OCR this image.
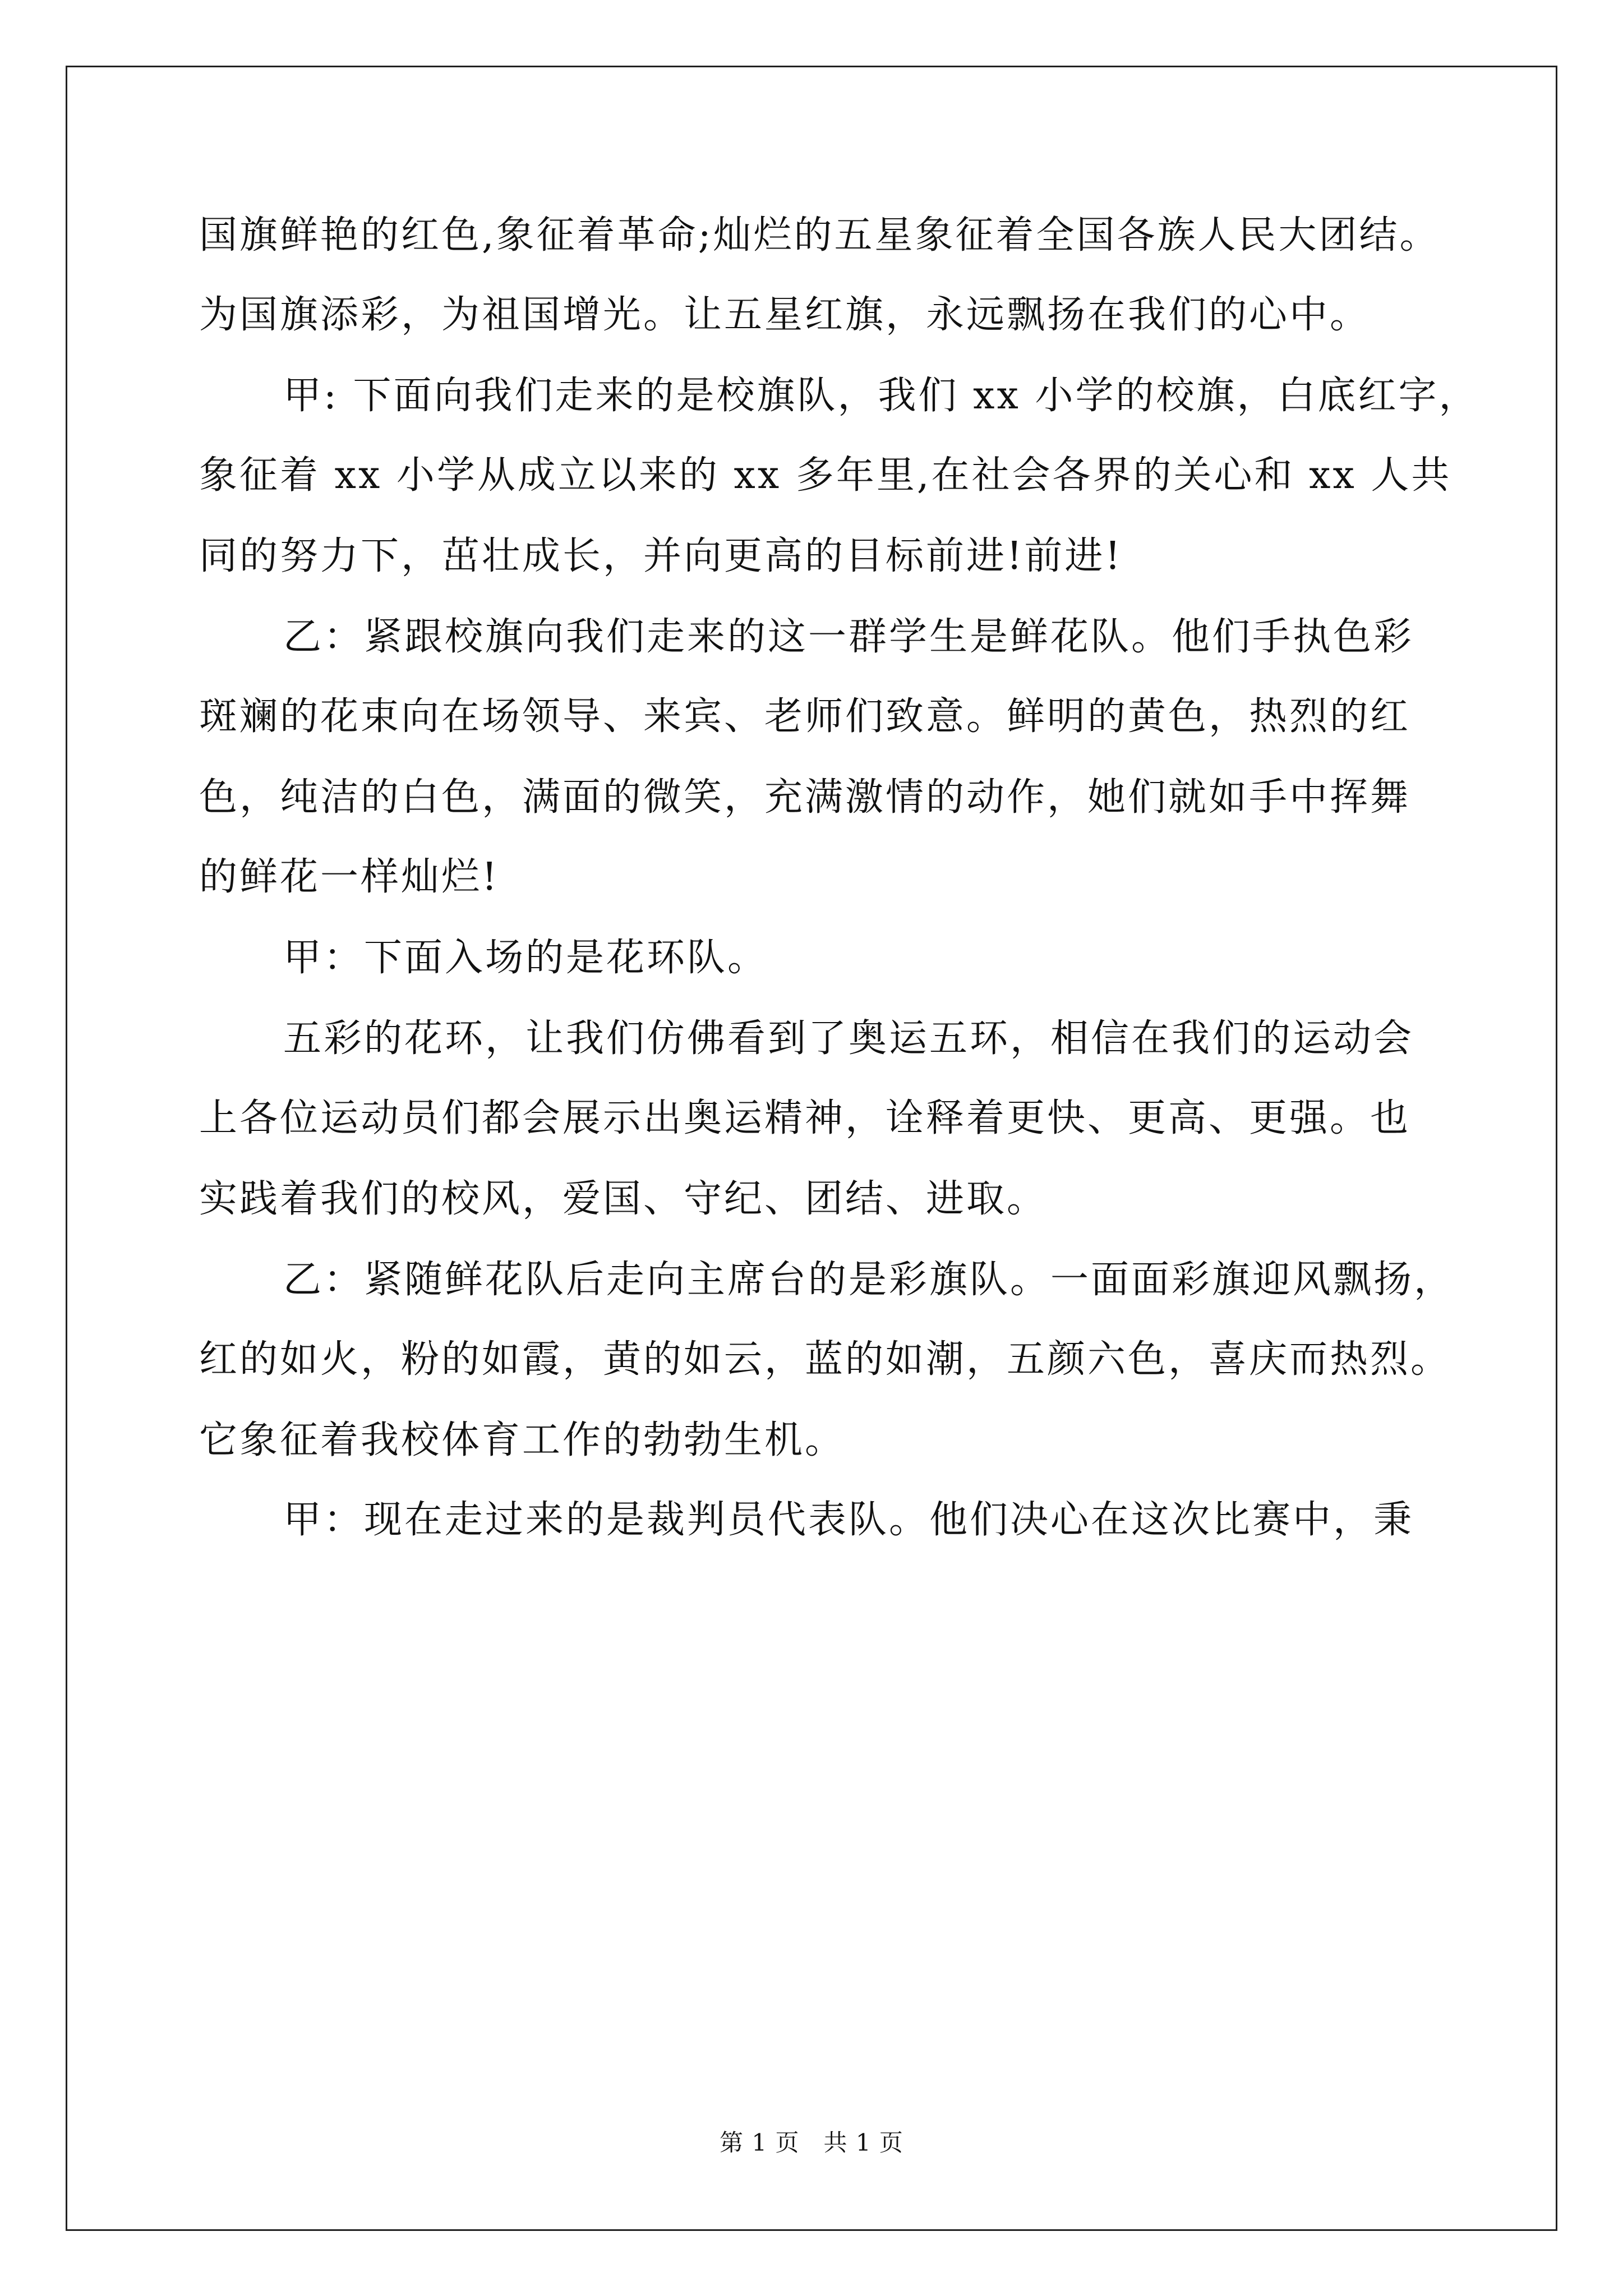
国旗鲜艳的红色,象征着革命;灿烂的五星象征着全国各族人民大团结。
为国旗添彩，为祖国增光。让五星红旗，永远飘扬在我们的心中。
甲: 下面向我们走来的是校旗队，我们 xx 小学的校旗，白底红字，
象征着 xx 小学从成立以来的 xx 多年里,在社会各界的关心和 xx 人共
同的努力下，茁壮成长，并向更高的目标前进!前进!
乙：紧跟校旗向我们走来的这一群学生是鲜花队。他们手执色彩
斑斓的花束向在场领导、来宾、老师们致意。鲜明的黄色，热烈的红
色，纯洁的白色，满面的微笑，充满激情的动作，她们就如手中挥舞
的鲜花一样灿烂!
甲：下面入场的是花环队。
五彩的花环，让我们仿佛看到了奥运五环，相信在我们的运动会
上各位运动员们都会展示出奥运精神，诠释着更快、更高、更强。也
实践着我们的校风，爱国、守纪、团结、进取。
乙：紧随鲜花队后走向主席台的是彩旗队。一面面彩旗迎风飘扬，
红的如火，粉的如霞，黄的如云，蓝的如潮，五颜六色，喜庆而热烈。
它象征着我校体育工作的勃勃生机。
甲：现在走过来的是裁判员代表队。他们决心在这次比赛中，秉
第 1 页　共 1 页
